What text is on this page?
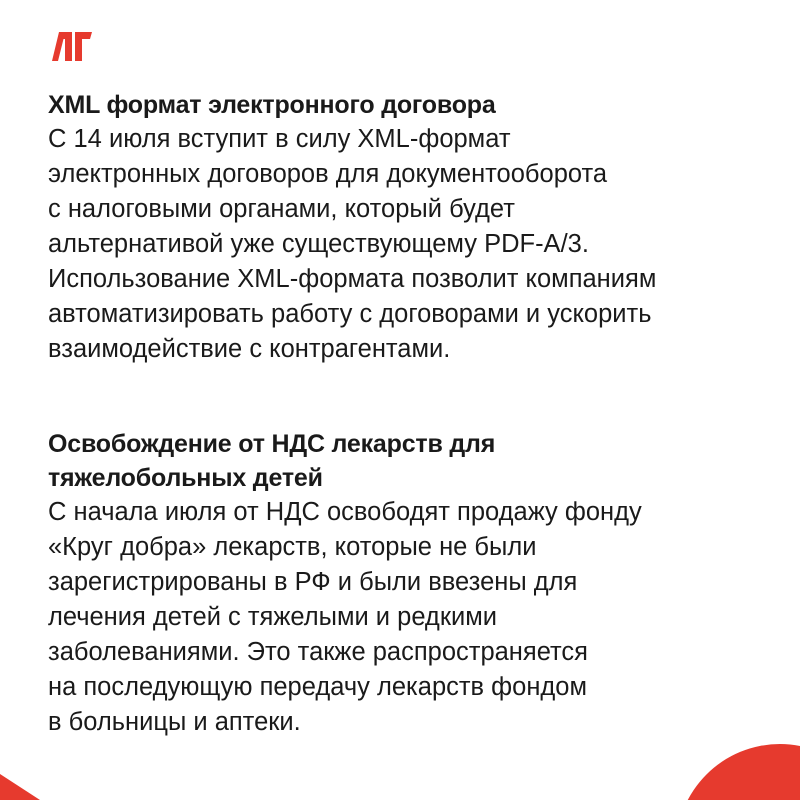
XML формат электронного договора

С 14 июля вступит в силу XML-формат
электронных договоров для документооборота
с налоговыми органами, который будет
альтернативой уже существующему PDF-A/3.
Использование XML-формата позволит компаниям
автоматизировать работу с договорами и ускорить
взаимодействие с контрагентами.

Освобождение от НДС лекарств для
тяжелобольных детей

С начала июля от НДС освободят продажу фонду
«Круг добра» лекарств, которые не были
зарегистрированы в РФ и были ввезены для
лечения детей с тяжелыми и редкими
заболеваниями. Это также распространяется
на последующую передачу лекарств фондом
в больницы и аптеки.
